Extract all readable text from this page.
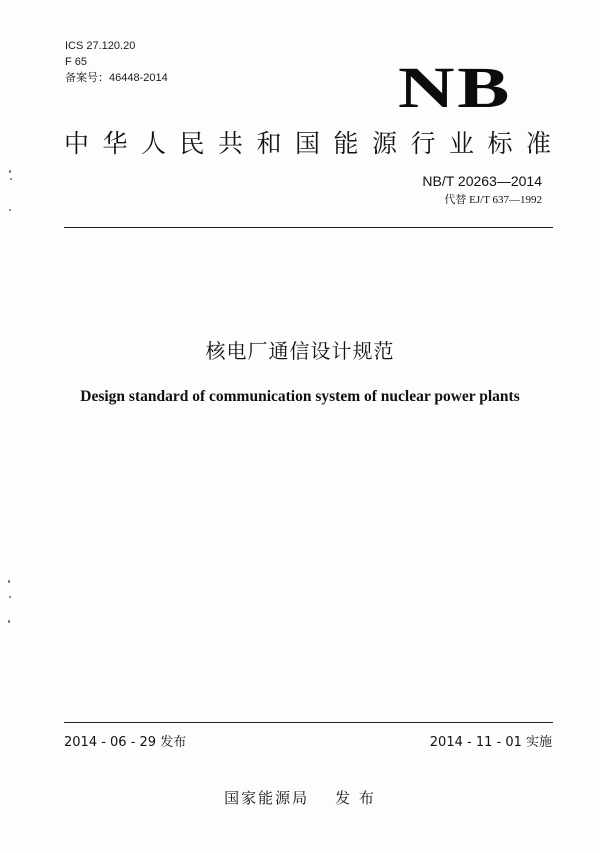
ICS 27.120.20
F 65
备案号：46448-2014	NB
中华人民共和国能源行业标准
NB/T 20263—2014
代替 EJ/T 637—1992
核电厂通信设计规范
Design standard of communication system of nuclear power plants
2014 - 06 - 29 发布	2014 - 11 - 01 实施
国家能源局 发 布
